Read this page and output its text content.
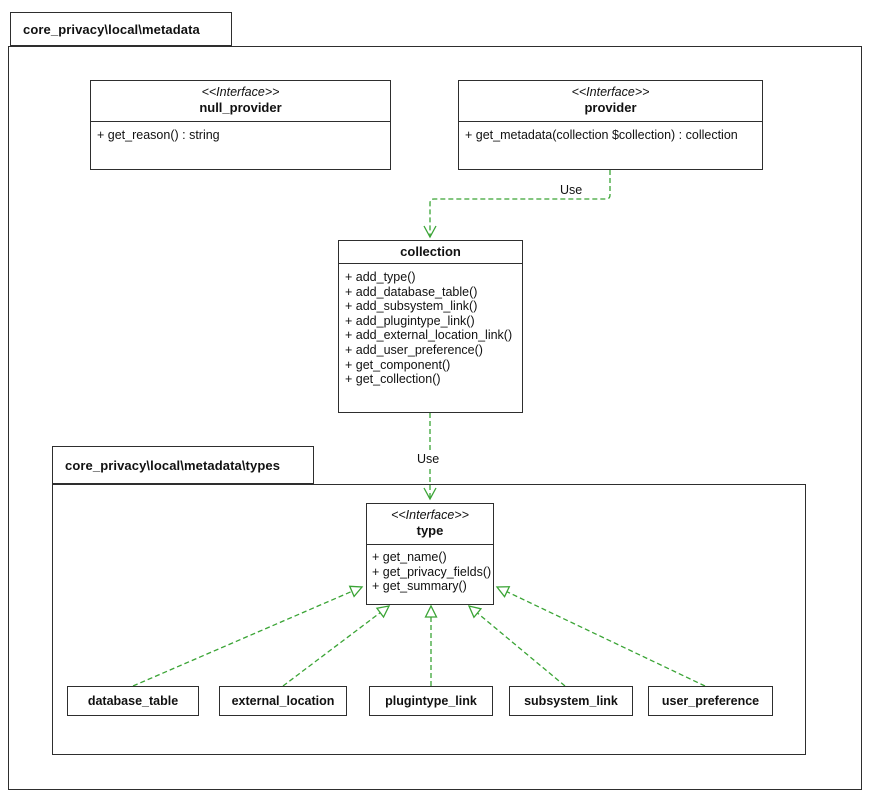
core_privacy\local\metadata
core_privacy\local\metadata\types
Use
Use
<<Interface>>
null_provider
+ get_reason() : string
<<Interface>>
provider
+ get_metadata(collection $collection) : collection
collection
+ add_type()
+ add_database_table()
+ add_subsystem_link()
+ add_plugintype_link()
+ add_external_location_link()
+ add_user_preference()
+ get_component()
+ get_collection()
<<Interface>>
type
+ get_name()
+ get_privacy_fields()
+ get_summary()
database_table	external_location	plugintype_link	subsystem_link	user_preference
